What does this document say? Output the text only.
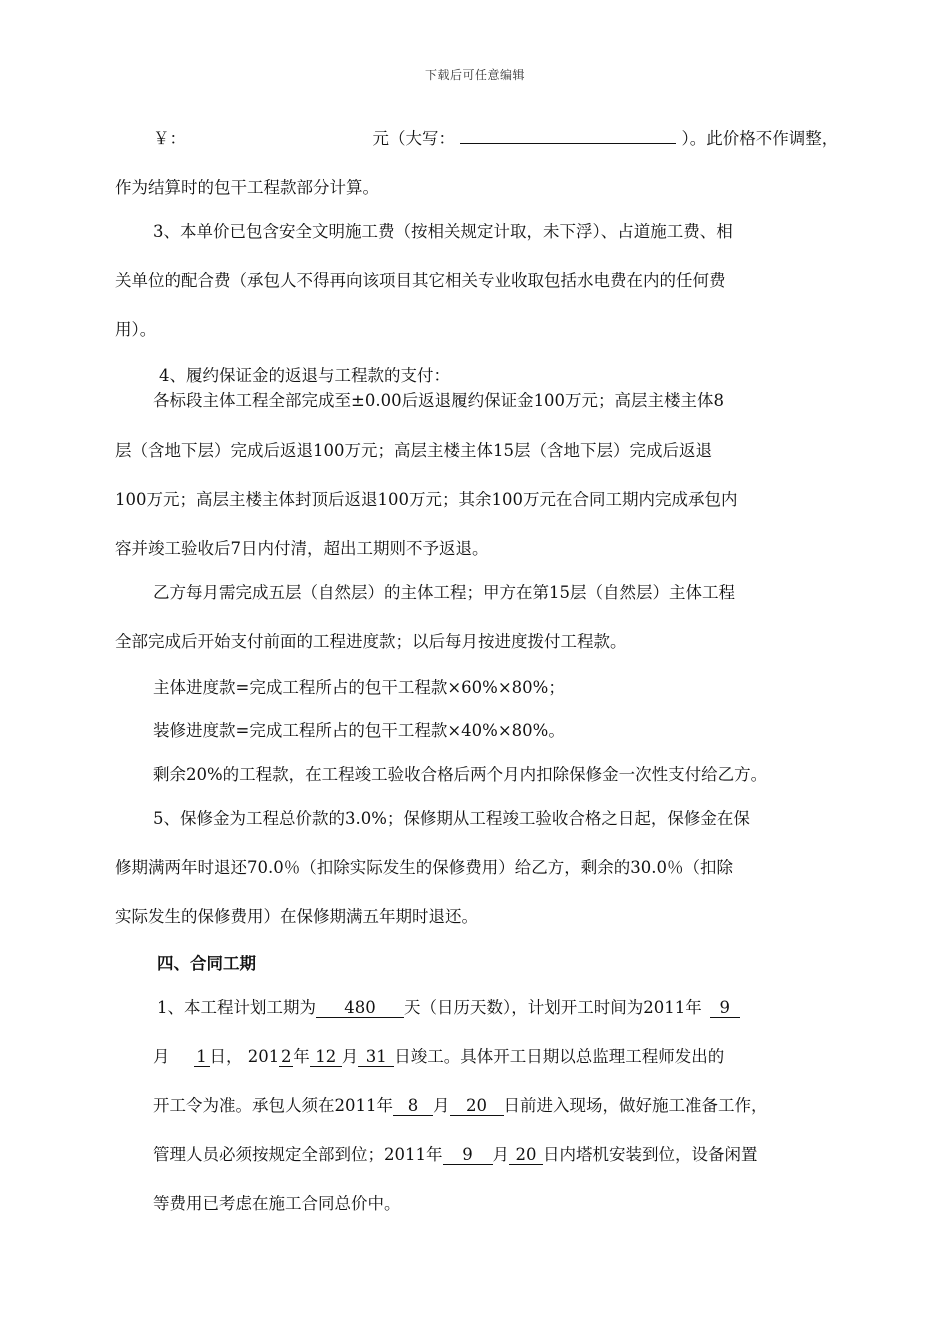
下载后可任意编辑
￥：	元（大写：	）。此价格不作调整，
作为结算时的包干工程款部分计算。
3、本单价已包含安全文明施工费（按相关规定计取，未下浮）、占道施工费、相
关单位的配合费（承包人不得再向该项目其它相关专业收取包括水电费在内的任何费
用）。
4、履约保证金的返退与工程款的支付：
各标段主体工程全部完成至±0.00后返退履约保证金100万元；高层主楼主体8
层（含地下层）完成后返退100万元；高层主楼主体15层（含地下层）完成后返退
100万元；高层主楼主体封顶后返退100万元；其余100万元在合同工期内完成承包内
容并竣工验收后7日内付清，超出工期则不予返退。
乙方每月需完成五层（自然层）的主体工程；甲方在第15层（自然层）主体工程
全部完成后开始支付前面的工程进度款；以后每月按进度拨付工程款。
主体进度款=完成工程所占的包干工程款×60%×80%；
装修进度款=完成工程所占的包干工程款×40%×80%。
剩余20%的工程款，在工程竣工验收合格后两个月内扣除保修金一次性支付给乙方。
5、保修金为工程总价款的3.0%；保修期从工程竣工验收合格之日起，保修金在保
修期满两年时退还70.0％（扣除实际发生的保修费用）给乙方，剩余的30.0％（扣除
实际发生的保修费用）在保修期满五年期时退还。
四、合同工期
1、本工程计划工期为 480 天（日历天数），计划开工时间为2011年 9
月 1 日， 201 2 年 12 月 31 日竣工。具体开工日期以总监理工程师发出的
开工令为准。承包人须在2011年 8 月 20 日前进入现场，做好施工准备工作，
管理人员必须按规定全部到位；2011年 9 月 20 日内塔机安装到位，设备闲置
等费用已考虑在施工合同总价中。
